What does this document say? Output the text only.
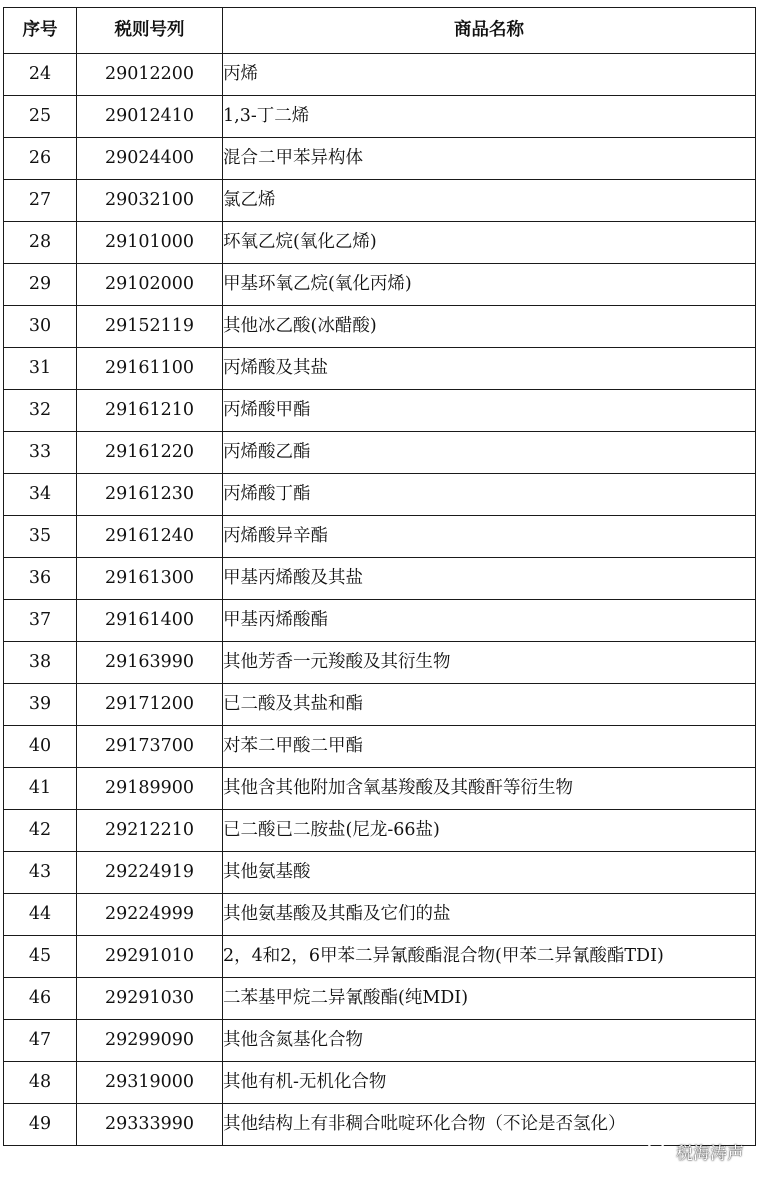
序号	税则号列	商品名称
24	29012200	丙烯
25	29012410	1,3-丁二烯
26	29024400	混合二甲苯异构体
27	29032100	氯乙烯
28	29101000	环氧乙烷(氧化乙烯)
29	29102000	甲基环氧乙烷(氧化丙烯)
30	29152119	其他冰乙酸(冰醋酸)
31	29161100	丙烯酸及其盐
32	29161210	丙烯酸甲酯
33	29161220	丙烯酸乙酯
34	29161230	丙烯酸丁酯
35	29161240	丙烯酸异辛酯
36	29161300	甲基丙烯酸及其盐
37	29161400	甲基丙烯酸酯
38	29163990	其他芳香一元羧酸及其衍生物
39	29171200	已二酸及其盐和酯
40	29173700	对苯二甲酸二甲酯
41	29189900	其他含其他附加含氧基羧酸及其酸酐等衍生物
42	29212210	已二酸已二胺盐(尼龙-66盐)
43	29224919	其他氨基酸
44	29224999	其他氨基酸及其酯及它们的盐
45	29291010	2，4和2，6甲苯二异氰酸酯混合物(甲苯二异氰酸酯TDI)
46	29291030	二苯基甲烷二异氰酸酯(纯MDI)
47	29299090	其他含氮基化合物
48	29319000	其他有机-无机化合物
49	29333990	其他结构上有非稠合吡啶环化合物（不论是否氢化）
税海涛声
